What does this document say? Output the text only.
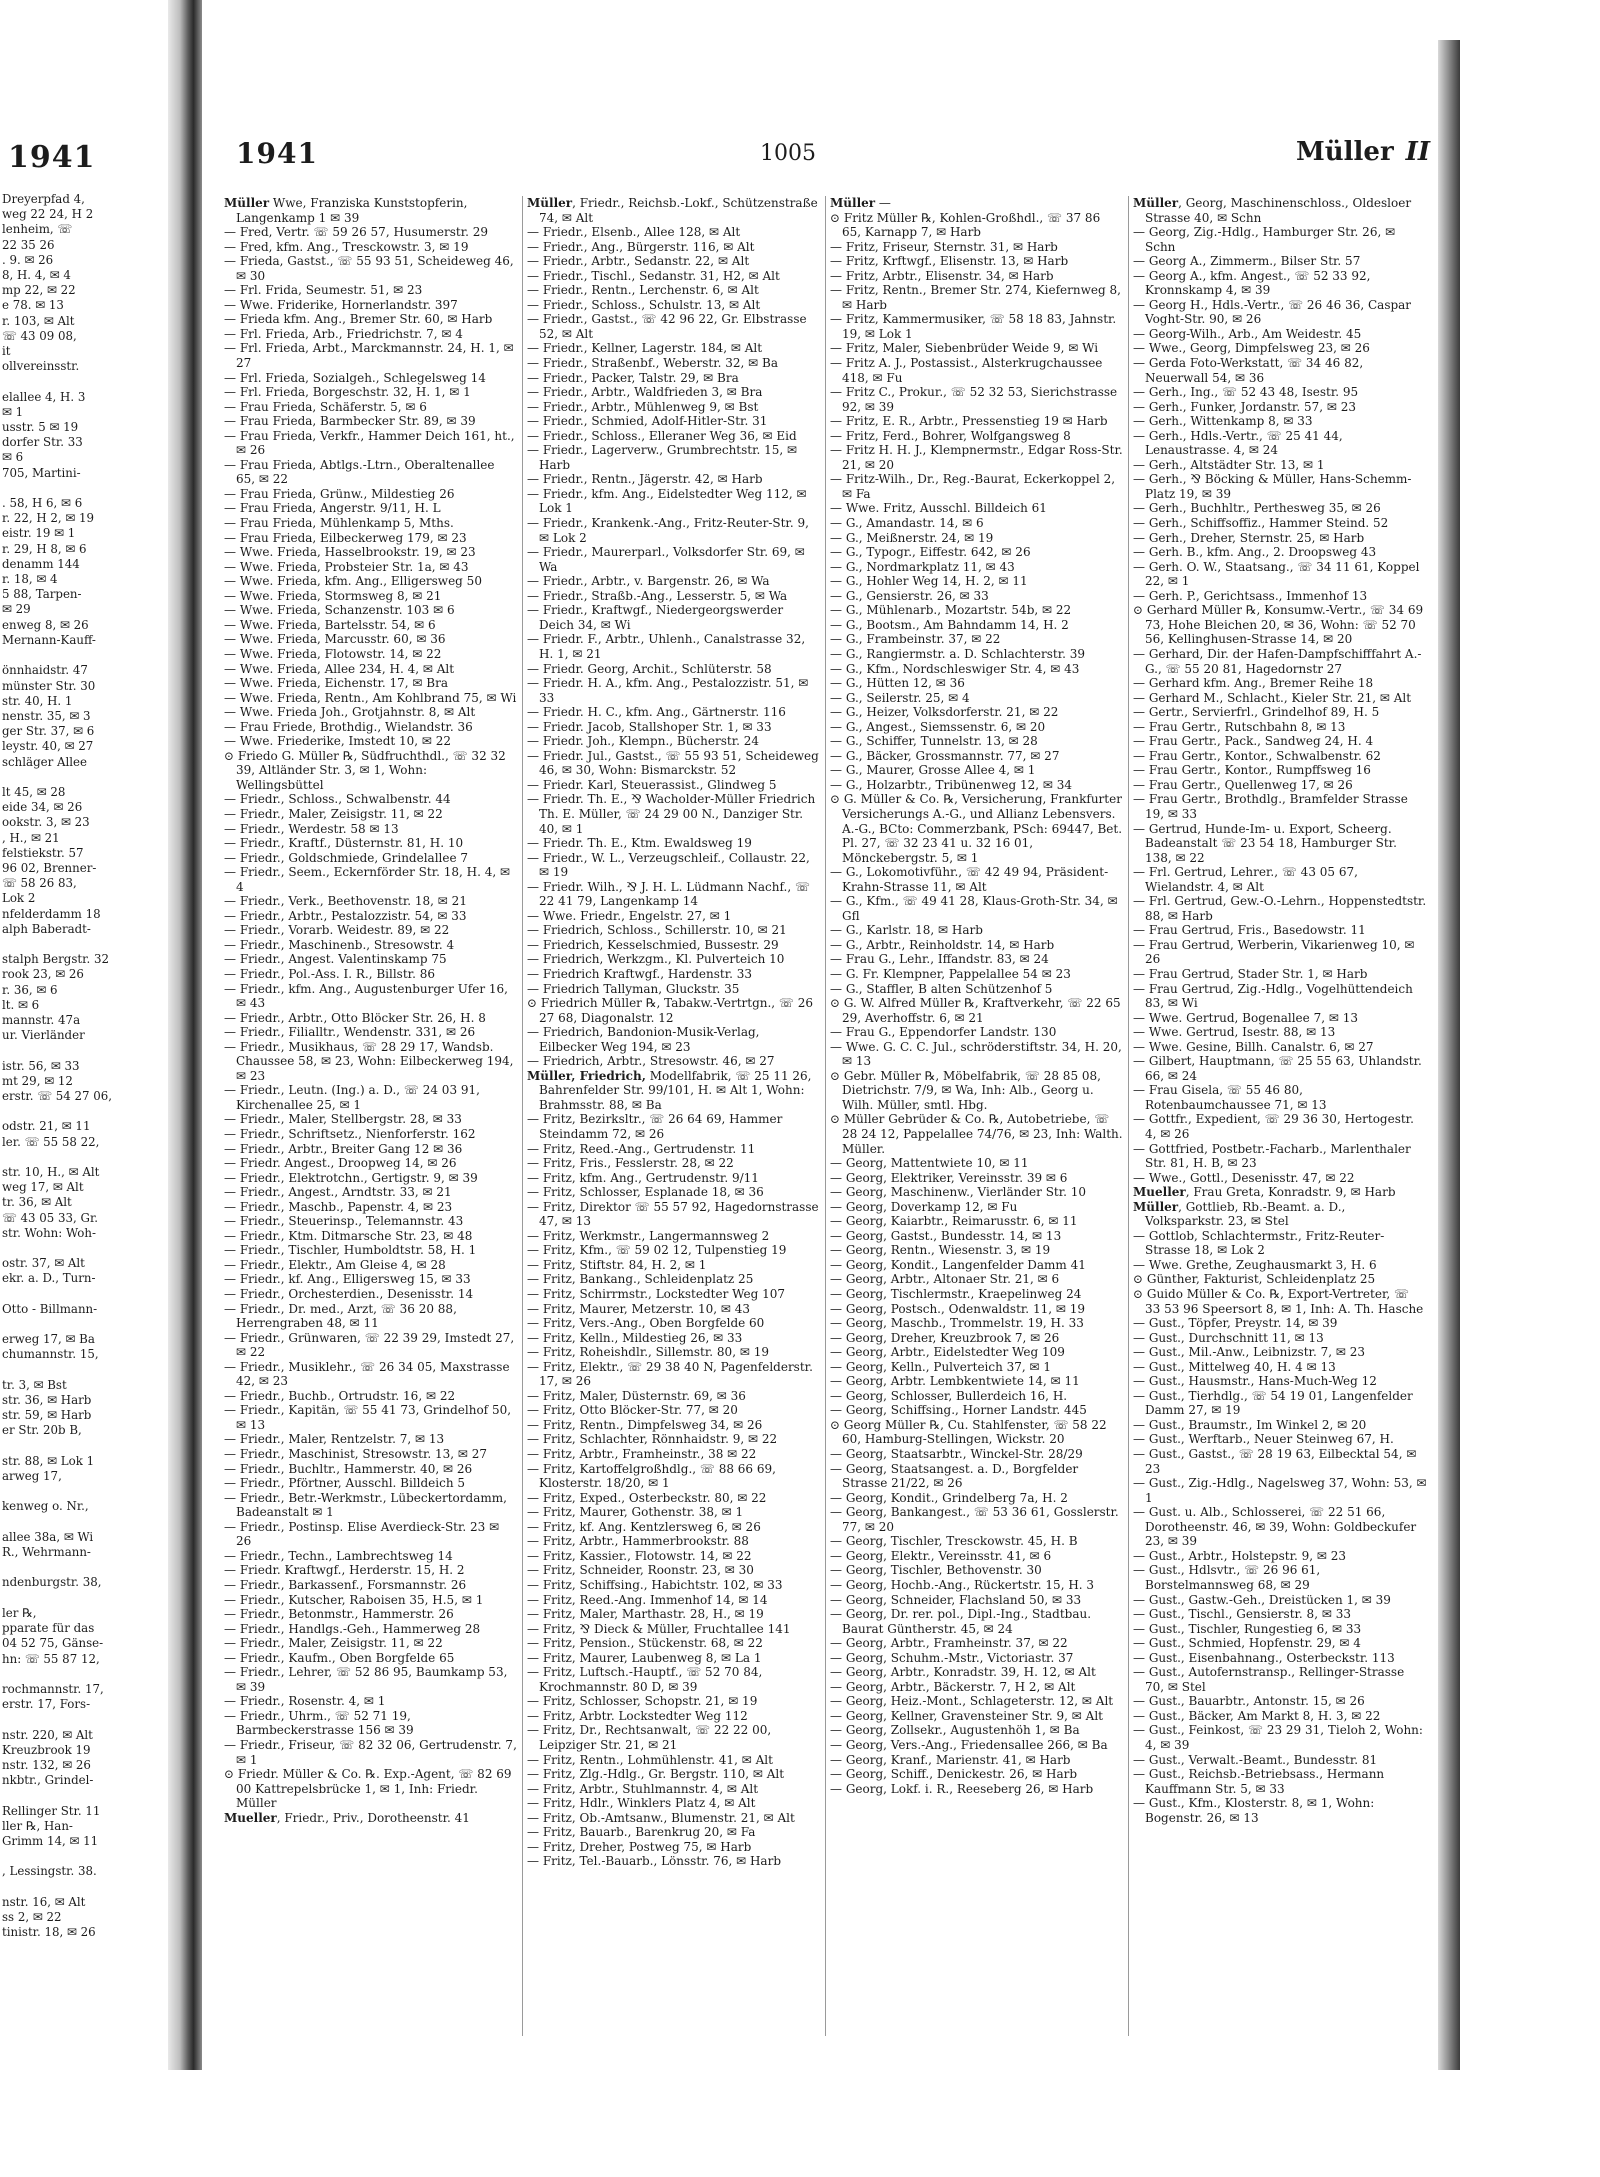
1941
Dreyerpfad 4,
weg 22 24, H 2
lenheim, ☏
22 35 26
. 9. ✉ 26
8, H. 4, ✉ 4
mp 22, ✉ 22
e 78. ✉ 13
r. 103, ✉ Alt
☏ 43 09 08,
it
ollvereinsstr.

elallee 4, H. 3
✉ 1
usstr. 5 ✉ 19
dorfer Str. 33
✉ 6
705, Martini-

. 58, H 6, ✉ 6
r. 22, H 2, ✉ 19
eistr. 19 ✉ 1
r. 29, H 8, ✉ 6
denamm 144
r. 18, ✉ 4
5 88, Tarpen-
✉ 29
enweg 8, ✉ 26
Mernann-Kauff-

önnhaidstr. 47
münster Str. 30
str. 40, H. 1
nenstr. 35, ✉ 3
ger Str. 37, ✉ 6
leystr. 40, ✉ 27
schläger Allee

lt 45, ✉ 28
eide 34, ✉ 26
ookstr. 3, ✉ 23
, H., ✉ 21
felstiekstr. 57
96 02, Brenner-
☏ 58 26 83,
Lok 2
nfelderdamm 18
alph Baberadt-

stalph Bergstr. 32
rook 23, ✉ 26
r. 36, ✉ 6
lt. ✉ 6
mannstr. 47a
ur. Vierländer

istr. 56, ✉ 33
mt 29, ✉ 12
erstr. ☏ 54 27 06,

odstr. 21, ✉ 11
ler. ☏ 55 58 22,

str. 10, H., ✉ Alt
weg 17, ✉ Alt
tr. 36, ✉ Alt
☏ 43 05 33, Gr.
str. Wohn: Woh-

ostr. 37, ✉ Alt
ekr. a. D., Turn-

Otto - Billmann-

erweg 17, ✉ Ba
chumannstr. 15,

tr. 3, ✉ Bst
str. 36, ✉ Harb
str. 59, ✉ Harb
er Str. 20b B,

str. 88, ✉ Lok 1
arweg 17,

kenweg o. Nr.,

allee 38a, ✉ Wi
R., Wehrmann-

ndenburgstr. 38,

ler ℞,
pparate für das
04 52 75, Gänse-
hn: ☏ 55 87 12,

rochmannstr. 17,
erstr. 17, Fors-

nstr. 220, ✉ Alt
Kreuzbrook 19
nstr. 132, ✉ 26
nkbtr., Grindel-

Rellinger Str. 11
ller ℞, Han-
Grimm 14, ✉ 11

, Lessingstr. 38.

nstr. 16, ✉ Alt
ss 2, ✉ 22
tinistr. 18, ✉ 26
1941	1005	Müller II

Müller Wwe, Franziska Kunststopferin, Langenkamp 1 ✉ 39

— Fred, Vertr. ☏ 59 26 57, Husumerstr. 29

— Fred, kfm. Ang., Tresckowstr. 3, ✉ 19

— Frieda, Gastst., ☏ 55 93 51, Scheideweg 46, ✉ 30

— Frl. Frida, Seumestr. 51, ✉ 23

— Wwe. Friderike, Hornerlandstr. 397

— Frieda kfm. Ang., Bremer Str. 60, ✉ Harb

— Frl. Frieda, Arb., Friedrichstr. 7, ✉ 4

— Frl. Frieda, Arbt., Marckmannstr. 24, H. 1, ✉ 27

— Frl. Frieda, Sozialgeh., Schlegelsweg 14

— Frl. Frieda, Borgeschstr. 32, H. 1, ✉ 1

— Frau Frieda, Schäferstr. 5, ✉ 6

— Frau Frieda, Barmbecker Str. 89, ✉ 39

— Frau Frieda, Verkfr., Hammer Deich 161, ht., ✉ 26

— Frau Frieda, Abtlgs.-Ltrn., Oberaltenallee 65, ✉ 22

— Frau Frieda, Grünw., Mildestieg 26

— Frau Frieda, Angerstr. 9/11, H. L

— Frau Frieda, Mühlenkamp 5, Mths.

— Frau Frieda, Eilbeckerweg 179, ✉ 23

— Wwe. Frieda, Hasselbrookstr. 19, ✉ 23

— Wwe. Frieda, Probsteier Str. 1a, ✉ 43

— Wwe. Frieda, kfm. Ang., Elligersweg 50

— Wwe. Frieda, Stormsweg 8, ✉ 21

— Wwe. Frieda, Schanzenstr. 103 ✉ 6

— Wwe. Frieda, Bartelsstr. 54, ✉ 6

— Wwe. Frieda, Marcusstr. 60, ✉ 36

— Wwe. Frieda, Flotowstr. 14, ✉ 22

— Wwe. Frieda, Allee 234, H. 4, ✉ Alt

— Wwe. Frieda, Eichenstr. 17, ✉ Bra

— Wwe. Frieda, Rentn., Am Kohlbrand 75, ✉ Wi

— Wwe. Frieda Joh., Grotjahnstr. 8, ✉ Alt

— Frau Friede, Brothdig., Wielandstr. 36

— Wwe. Friederike, Imstedt 10, ✉ 22

⊙ Friedo G. Müller ℞, Südfruchthdl., ☏ 32 32 39, Altländer Str. 3, ✉ 1, Wohn: Wellingsbüttel

— Friedr., Schloss., Schwalbenstr. 44

— Friedr., Maler, Zeisigstr. 11, ✉ 22

— Friedr., Werdestr. 58 ✉ 13

— Friedr., Kraftf., Düsternstr. 81, H. 10

— Friedr., Goldschmiede, Grindelallee 7

— Friedr., Seem., Eckernförder Str. 18, H. 4, ✉ 4

— Friedr., Verk., Beethovenstr. 18, ✉ 21

— Friedr., Arbtr., Pestalozzistr. 54, ✉ 33

— Friedr., Vorarb. Weidestr. 89, ✉ 22

— Friedr., Maschinenb., Stresowstr. 4

— Friedr., Angest. Valentinskamp 75

— Friedr., Pol.-Ass. I. R., Billstr. 86

— Friedr., kfm. Ang., Augustenburger Ufer 16, ✉ 43

— Friedr., Arbtr., Otto Blöcker Str. 26, H. 8

— Friedr., Filialltr., Wendenstr. 331, ✉ 26

— Friedr., Musikhaus, ☏ 28 29 17, Wandsb. Chaussee 58, ✉ 23, Wohn: Eilbeckerweg 194, ✉ 23

— Friedr., Leutn. (Ing.) a. D., ☏ 24 03 91, Kirchenallee 25, ✉ 1

— Friedr., Maler, Stellbergstr. 28, ✉ 33

— Friedr., Schriftsetz., Nienforferstr. 162

— Friedr., Arbtr., Breiter Gang 12 ✉ 36

— Friedr. Angest., Droopweg 14, ✉ 26

— Friedr., Elektrotchn., Gertigstr. 9, ✉ 39

— Friedr., Angest., Arndtstr. 33, ✉ 21

— Friedr., Maschb., Papenstr. 4, ✉ 23

— Friedr., Steuerinsp., Telemannstr. 43

— Friedr., Ktm. Ditmarsche Str. 23, ✉ 48

— Friedr., Tischler, Humboldtstr. 58, H. 1

— Friedr., Elektr., Am Gleise 4, ✉ 28

— Friedr., kf. Ang., Elligersweg 15, ✉ 33

— Friedr., Orchesterdien., Desenisstr. 14

— Friedr., Dr. med., Arzt, ☏ 36 20 88, Herrengraben 48, ✉ 11

— Friedr., Grünwaren, ☏ 22 39 29, Imstedt 27, ✉ 22

— Friedr., Musiklehr., ☏ 26 34 05, Maxstrasse 42, ✉ 23

— Friedr., Buchb., Ortrudstr. 16, ✉ 22

— Friedr., Kapitän, ☏ 55 41 73, Grindelhof 50, ✉ 13

— Friedr., Maler, Rentzelstr. 7, ✉ 13

— Friedr., Maschinist, Stresowstr. 13, ✉ 27

— Friedr., Buchltr., Hammerstr. 40, ✉ 26

— Friedr., Pförtner, Ausschl. Billdeich 5

— Friedr., Betr.-Werkmstr., Lübeckertordamm, Badeanstalt ✉ 1

— Friedr., Postinsp. Elise Averdieck-Str. 23 ✉ 26

— Friedr., Techn., Lambrechtsweg 14

— Friedr. Kraftwgf., Herderstr. 15, H. 2

— Friedr., Barkassenf., Forsmannstr. 26

— Friedr., Kutscher, Raboisen 35, H.5, ✉ 1

— Friedr., Betonmstr., Hammerstr. 26

— Friedr., Handlgs.-Geh., Hammerweg 28

— Friedr., Maler, Zeisigstr. 11, ✉ 22

— Friedr., Kaufm., Oben Borgfelde 65

— Friedr., Lehrer, ☏ 52 86 95, Baumkamp 53, ✉ 39

— Friedr., Rosenstr. 4, ✉ 1

— Friedr., Uhrm., ☏ 52 71 19, Barmbeckerstrasse 156 ✉ 39

— Friedr., Friseur, ☏ 82 32 06, Gertrudenstr. 7, ✉ 1

⊙ Friedr. Müller & Co. ℞. Exp.-Agent, ☏ 82 69 00 Kattrepelsbrücke 1, ✉ 1, Inh: Friedr. Müller

Mueller, Friedr., Priv., Dorotheenstr. 41

Müller, Friedr., Reichsb.-Lokf., Schützenstraße 74, ✉ Alt

— Friedr., Elsenb., Allee 128, ✉ Alt

— Friedr., Ang., Bürgerstr. 116, ✉ Alt

— Friedr., Arbtr., Sedanstr. 22, ✉ Alt

— Friedr., Tischl., Sedanstr. 31, H2, ✉ Alt

— Friedr., Rentn., Lerchenstr. 6, ✉ Alt

— Friedr., Schloss., Schulstr. 13, ✉ Alt

— Friedr., Gastst., ☏ 42 96 22, Gr. Elbstrasse 52, ✉ Alt

— Friedr., Kellner, Lagerstr. 184, ✉ Alt

— Friedr., Straßenbf., Weberstr. 32, ✉ Ba

— Friedr., Packer, Talstr. 29, ✉ Bra

— Friedr., Arbtr., Waldfrieden 3, ✉ Bra

— Friedr., Arbtr., Mühlenweg 9, ✉ Bst

— Friedr., Schmied, Adolf-Hitler-Str. 31

— Friedr., Schloss., Elleraner Weg 36, ✉ Eid

— Friedr., Lagerverw., Grumbrechtstr. 15, ✉ Harb

— Friedr., Rentn., Jägerstr. 42, ✉ Harb

— Friedr., kfm. Ang., Eidelstedter Weg 112, ✉ Lok 1

— Friedr., Krankenk.-Ang., Fritz-Reuter-Str. 9, ✉ Lok 2

— Friedr., Maurerparl., Volksdorfer Str. 69, ✉ Wa

— Friedr., Arbtr., v. Bargenstr. 26, ✉ Wa

— Friedr., Straßb.-Ang., Lesserstr. 5, ✉ Wa

— Friedr., Kraftwgf., Niedergeorgswerder Deich 34, ✉ Wi

— Friedr. F., Arbtr., Uhlenh., Canalstrasse 32, H. 1, ✉ 21

— Friedr. Georg, Archit., Schlüterstr. 58

— Friedr. H. A., kfm. Ang., Pestalozzistr. 51, ✉ 33

— Friedr. H. C., kfm. Ang., Gärtnerstr. 116

— Friedr. Jacob, Stallshoper Str. 1, ✉ 33

— Friedr. Joh., Klempn., Bücherstr. 24

— Friedr. Jul., Gastst., ☏ 55 93 51, Scheideweg 46, ✉ 30, Wohn: Bismarckstr. 52

— Friedr. Karl, Steuerassist., Glindweg 5

— Friedr. Th. E., ⅋ Wacholder-Müller Friedrich Th. E. Müller, ☏ 24 29 00 N., Danziger Str. 40, ✉ 1

— Friedr. Th. E., Ktm. Ewaldsweg 19

— Friedr., W. L., Verzeugschleif., Collaustr. 22, ✉ 19

— Friedr. Wilh., ⅋ J. H. L. Lüdmann Nachf., ☏ 22 41 79, Langenkamp 14

— Wwe. Friedr., Engelstr. 27, ✉ 1

— Friedrich, Schloss., Schillerstr. 10, ✉ 21

— Friedrich, Kesselschmied, Bussestr. 29

— Friedrich, Werkzgm., Kl. Pulverteich 10

— Friedrich Kraftwgf., Hardenstr. 33

— Friedrich Tallyman, Gluckstr. 35

⊙ Friedrich Müller ℞, Tabakw.-Vertrtgn., ☏ 26 27 68, Diagonalstr. 12

— Friedrich, Bandonion-Musik-Verlag, Eilbecker Weg 194, ✉ 23

— Friedrich, Arbtr., Stresowstr. 46, ✉ 27

Müller, Friedrich, Modellfabrik, ☏ 25 11 26, Bahrenfelder Str. 99/101, H. ✉ Alt 1, Wohn: Brahmsstr. 88, ✉ Ba

— Fritz, Bezirksltr., ☏ 26 64 69, Hammer Steindamm 72, ✉ 26

— Fritz, Reed.-Ang., Gertrudenstr. 11

— Fritz, Fris., Fesslerstr. 28, ✉ 22

— Fritz, kfm. Ang., Gertrudenstr. 9/11

— Fritz, Schlosser, Esplanade 18, ✉ 36

— Fritz, Direktor ☏ 55 57 92, Hagedornstrasse 47, ✉ 13

— Fritz, Werkmstr., Langermannsweg 2

— Fritz, Kfm., ☏ 59 02 12, Tulpenstieg 19

— Fritz, Stiftstr. 84, H. 2, ✉ 1

— Fritz, Bankang., Schleidenplatz 25

— Fritz, Schirrmstr., Lockstedter Weg 107

— Fritz, Maurer, Metzerstr. 10, ✉ 43

— Fritz, Vers.-Ang., Oben Borgfelde 60

— Fritz, Kelln., Mildestieg 26, ✉ 33

— Fritz, Roheishdlr., Sillemstr. 80, ✉ 19

— Fritz, Elektr., ☏ 29 38 40 N, Pagenfelderstr. 17, ✉ 26

— Fritz, Maler, Düsternstr. 69, ✉ 36

— Fritz, Otto Blöcker-Str. 77, ✉ 20

— Fritz, Rentn., Dimpfelsweg 34, ✉ 26

— Fritz, Schlachter, Rönnhaidstr. 9, ✉ 22

— Fritz, Arbtr., Framheinstr., 38 ✉ 22

— Fritz, Kartoffelgroßhdlg., ☏ 88 66 69, Klosterstr. 18/20, ✉ 1

— Fritz, Exped., Osterbeckstr. 80, ✉ 22

— Fritz, Maurer, Gothenstr. 38, ✉ 1

— Fritz, kf. Ang. Kentzlersweg 6, ✉ 26

— Fritz, Arbtr., Hammerbrookstr. 88

— Fritz, Kassier., Flotowstr. 14, ✉ 22

— Fritz, Schneider, Roonstr. 23, ✉ 30

— Fritz, Schiffsing., Habichtstr. 102, ✉ 33

— Fritz, Reed.-Ang. Immenhof 14, ✉ 14

— Fritz, Maler, Marthastr. 28, H., ✉ 19

— Fritz, ⅋ Dieck & Müller, Fruchtallee 141

— Fritz, Pension., Stückenstr. 68, ✉ 22

— Fritz, Maurer, Laubenweg 8, ✉ La 1

— Fritz, Luftsch.-Hauptf., ☏ 52 70 84, Krochmannstr. 80 D, ✉ 39

— Fritz, Schlosser, Schopstr. 21, ✉ 19

— Fritz, Arbtr. Lockstedter Weg 112

— Fritz, Dr., Rechtsanwalt, ☏ 22 22 00, Leipziger Str. 21, ✉ 21

— Fritz, Rentn., Lohmühlenstr. 41, ✉ Alt

— Fritz, Zlg.-Hdlg., Gr. Bergstr. 110, ✉ Alt

— Fritz, Arbtr., Stuhlmannstr. 4, ✉ Alt

— Fritz, Hdlr., Winklers Platz 4, ✉ Alt

— Fritz, Ob.-Amtsanw., Blumenstr. 21, ✉ Alt

— Fritz, Bauarb., Barenkrug 20, ✉ Fa

— Fritz, Dreher, Postweg 75, ✉ Harb

— Fritz, Tel.-Bauarb., Lönsstr. 76, ✉ Harb

Müller —

⊙ Fritz Müller ℞, Kohlen-Großhdl., ☏ 37 86 65, Karnapp 7, ✉ Harb

— Fritz, Friseur, Sternstr. 31, ✉ Harb

— Fritz, Krftwgf., Elisenstr. 13, ✉ Harb

— Fritz, Arbtr., Elisenstr. 34, ✉ Harb

— Fritz, Rentn., Bremer Str. 274, Kiefernweg 8, ✉ Harb

— Fritz, Kammermusiker, ☏ 58 18 83, Jahnstr. 19, ✉ Lok 1

— Fritz, Maler, Siebenbrüder Weide 9, ✉ Wi

— Fritz A. J., Postassist., Alsterkrugchaussee 418, ✉ Fu

— Fritz C., Prokur., ☏ 52 32 53, Sierichstrasse 92, ✉ 39

— Fritz, E. R., Arbtr., Pressenstieg 19 ✉ Harb

— Fritz, Ferd., Bohrer, Wolfgangsweg 8

— Fritz H. H. J., Klempnermstr., Edgar Ross-Str. 21, ✉ 20

— Fritz-Wilh., Dr., Reg.-Baurat, Eckerkoppel 2, ✉ Fa

— Wwe. Fritz, Ausschl. Billdeich 61

— G., Amandastr. 14, ✉ 6

— G., Meißnerstr. 24, ✉ 19

— G., Typogr., Eiffestr. 642, ✉ 26

— G., Nordmarkplatz 11, ✉ 43

— G., Hohler Weg 14, H. 2, ✉ 11

— G., Gensierstr. 26, ✉ 33

— G., Mühlenarb., Mozartstr. 54b, ✉ 22

— G., Bootsm., Am Bahndamm 14, H. 2

— G., Frambeinstr. 37, ✉ 22

— G., Rangiermstr. a. D. Schlachterstr. 39

— G., Kfm., Nordschleswiger Str. 4, ✉ 43

— G., Hütten 12, ✉ 36

— G., Seilerstr. 25, ✉ 4

— G., Heizer, Volksdorferstr. 21, ✉ 22

— G., Angest., Siemssenstr. 6, ✉ 20

— G., Schiffer, Tunnelstr. 13, ✉ 28

— G., Bäcker, Grossmannstr. 77, ✉ 27

— G., Maurer, Grosse Allee 4, ✉ 1

— G., Holzarbtr., Tribünenweg 12, ✉ 34

⊙ G. Müller & Co. ℞, Versicherung, Frankfurter Versicherungs A.-G., und Allianz Lebensvers. A.-G., BCto: Commerzbank, PSch: 69447, Bet. Pl. 27, ☏ 32 23 41 u. 32 16 01, Mönckebergstr. 5, ✉ 1

— G., Lokomotivführ., ☏ 42 49 94, Präsident-Krahn-Strasse 11, ✉ Alt

— G., Kfm., ☏ 49 41 28, Klaus-Groth-Str. 34, ✉ Gfl

— G., Karlstr. 18, ✉ Harb

— G., Arbtr., Reinholdstr. 14, ✉ Harb

— Frau G., Lehr., Iffandstr. 83, ✉ 24

— G. Fr. Klempner, Pappelallee 54 ✉ 23

— G., Staffler, B alten Schützenhof 5

⊙ G. W. Alfred Müller ℞, Kraftverkehr, ☏ 22 65 29, Averhoffstr. 6, ✉ 21

— Frau G., Eppendorfer Landstr. 130

— Wwe. G. C. C. Jul., schröderstiftstr. 34, H. 20, ✉ 13

⊙ Gebr. Müller ℞, Möbelfabrik, ☏ 28 85 08, Dietrichstr. 7/9, ✉ Wa, Inh: Alb., Georg u. Wilh. Müller, smtl. Hbg.

⊙ Müller Gebrüder & Co. ℞, Autobetriebe, ☏ 28 24 12, Pappelallee 74/76, ✉ 23, Inh: Walth. Müller.

— Georg, Mattentwiete 10, ✉ 11

— Georg, Elektriker, Vereinsstr. 39 ✉ 6

— Georg, Maschinenw., Vierländer Str. 10

— Georg, Doverkamp 12, ✉ Fu

— Georg, Kaiarbtr., Reimarusstr. 6, ✉ 11

— Georg, Gastst., Bundesstr. 14, ✉ 13

— Georg, Rentn., Wiesenstr. 3, ✉ 19

— Georg, Kondit., Langenfelder Damm 41

— Georg, Arbtr., Altonaer Str. 21, ✉ 6

— Georg, Tischlermstr., Kraepelinweg 24

— Georg, Postsch., Odenwaldstr. 11, ✉ 19

— Georg, Maschb., Trommelstr. 19, H. 33

— Georg, Dreher, Kreuzbrook 7, ✉ 26

— Georg, Arbtr., Eidelstedter Weg 109

— Georg, Kelln., Pulverteich 37, ✉ 1

— Georg, Arbtr. Lembkentwiete 14, ✉ 11

— Georg, Schlosser, Bullerdeich 16, H.

— Georg, Schiffsing., Horner Landstr. 445

⊙ Georg Müller ℞, Cu. Stahlfenster, ☏ 58 22 60, Hamburg-Stellingen, Wickstr. 20

— Georg, Staatsarbtr., Winckel-Str. 28/29

— Georg, Staatsangest. a. D., Borgfelder Strasse 21/22, ✉ 26

— Georg, Kondit., Grindelberg 7a, H. 2

— Georg, Bankangest., ☏ 53 36 61, Gosslerstr. 77, ✉ 20

— Georg, Tischler, Tresckowstr. 45, H. B

— Georg, Elektr., Vereinsstr. 41, ✉ 6

— Georg, Tischler, Bethovenstr. 30

— Georg, Hochb.-Ang., Rückertstr. 15, H. 3

— Georg, Schneider, Flachsland 50, ✉ 33

— Georg, Dr. rer. pol., Dipl.-Ing., Stadtbau. Baurat Güntherstr. 45, ✉ 24

— Georg, Arbtr., Framheinstr. 37, ✉ 22

— Georg, Schuhm.-Mstr., Victoriastr. 37

— Georg, Arbtr., Konradstr. 39, H. 12, ✉ Alt

— Georg, Arbtr., Bäckerstr. 7, H 2, ✉ Alt

— Georg, Heiz.-Mont., Schlageterstr. 12, ✉ Alt

— Georg, Kellner, Gravensteiner Str. 9, ✉ Alt

— Georg, Zollsekr., Augustenhöh 1, ✉ Ba

— Georg, Vers.-Ang., Friedensallee 266, ✉ Ba

— Georg, Kranf., Marienstr. 41, ✉ Harb

— Georg, Schiff., Denickestr. 26, ✉ Harb

— Georg, Lokf. i. R., Reeseberg 26, ✉ Harb

Müller, Georg, Maschinenschloss., Oldesloer Strasse 40, ✉ Schn

— Georg, Zig.-Hdlg., Hamburger Str. 26, ✉ Schn

— Georg A., Zimmerm., Bilser Str. 57

— Georg A., kfm. Angest., ☏ 52 33 92, Kronnskamp 4, ✉ 39

— Georg H., Hdls.-Vertr., ☏ 26 46 36, Caspar Voght-Str. 90, ✉ 26

— Georg-Wilh., Arb., Am Weidestr. 45

— Wwe., Georg, Dimpfelsweg 23, ✉ 26

— Gerda Foto-Werkstatt, ☏ 34 46 82, Neuerwall 54, ✉ 36

— Gerh., Ing., ☏ 52 43 48, Isestr. 95

— Gerh., Funker, Jordanstr. 57, ✉ 23

— Gerh., Wittenkamp 8, ✉ 33

— Gerh., Hdls.-Vertr., ☏ 25 41 44, Lenaustrasse. 4, ✉ 24

— Gerh., Altstädter Str. 13, ✉ 1

— Gerh., ⅋ Böcking & Müller, Hans-Schemm-Platz 19, ✉ 39

— Gerh., Buchhltr., Perthesweg 35, ✉ 26

— Gerh., Schiffsoffiz., Hammer Steind. 52

— Gerh., Dreher, Sternstr. 25, ✉ Harb

— Gerh. B., kfm. Ang., 2. Droopsweg 43

— Gerh. O. W., Staatsang., ☏ 34 11 61, Koppel 22, ✉ 1

— Gerh. P., Gerichtsass., Immenhof 13

⊙ Gerhard Müller ℞, Konsumw.-Vertr., ☏ 34 69 73, Hohe Bleichen 20, ✉ 36, Wohn: ☏ 52 70 56, Kellinghusen-Strasse 14, ✉ 20

— Gerhard, Dir. der Hafen-Dampfschifffahrt A.-G., ☏ 55 20 81, Hagedornstr 27

— Gerhard kfm. Ang., Bremer Reihe 18

— Gerhard M., Schlacht., Kieler Str. 21, ✉ Alt

— Gertr., Servierfrl., Grindelhof 89, H. 5

— Frau Gertr., Rutschbahn 8, ✉ 13

— Frau Gertr., Pack., Sandweg 24, H. 4

— Frau Gertr., Kontor., Schwalbenstr. 62

— Frau Gertr., Kontor., Rumpffsweg 16

— Frau Gertr., Quellenweg 17, ✉ 26

— Frau Gertr., Brothdlg., Bramfelder Strasse 19, ✉ 33

— Gertrud, Hunde-Im- u. Export, Scheerg. Badeanstalt ☏ 23 54 18, Hamburger Str. 138, ✉ 22

— Frl. Gertrud, Lehrer., ☏ 43 05 67, Wielandstr. 4, ✉ Alt

— Frl. Gertrud, Gew.-O.-Lehrn., Hoppenstedtstr. 88, ✉ Harb

— Frau Gertrud, Fris., Basedowstr. 11

— Frau Gertrud, Werberin, Vikarienweg 10, ✉ 26

— Frau Gertrud, Stader Str. 1, ✉ Harb

— Frau Gertrud, Zig.-Hdlg., Vogelhüttendeich 83, ✉ Wi

— Wwe. Gertrud, Bogenallee 7, ✉ 13

— Wwe. Gertrud, Isestr. 88, ✉ 13

— Wwe. Gesine, Billh. Canalstr. 6, ✉ 27

— Gilbert, Hauptmann, ☏ 25 55 63, Uhlandstr. 66, ✉ 24

— Frau Gisela, ☏ 55 46 80, Rotenbaumchaussee 71, ✉ 13

— Gottfr., Expedient, ☏ 29 36 30, Hertogestr. 4, ✉ 26

— Gottfried, Postbetr.-Facharb., Marlenthaler Str. 81, H. B, ✉ 23

— Wwe., Gottl., Desenisstr. 47, ✉ 22

Mueller, Frau Greta, Konradstr. 9, ✉ Harb

Müller, Gottlieb, Rb.-Beamt. a. D., Volksparkstr. 23, ✉ Stel

— Gottlob, Schlachtermstr., Fritz-Reuter-Strasse 18, ✉ Lok 2

— Wwe. Grethe, Zeughausmarkt 3, H. 6

⊙ Günther, Fakturist, Schleidenplatz 25

⊙ Guido Müller & Co. ℞, Export-Vertreter, ☏ 33 53 96 Speersort 8, ✉ 1, Inh: A. Th. Hasche

— Gust., Töpfer, Preystr. 14, ✉ 39

— Gust., Durchschnitt 11, ✉ 13

— Gust., Mil.-Anw., Leibnizstr. 7, ✉ 23

— Gust., Mittelweg 40, H. 4 ✉ 13

— Gust., Hausmstr., Hans-Much-Weg 12

— Gust., Tierhdlg., ☏ 54 19 01, Langenfelder Damm 27, ✉ 19

— Gust., Braumstr., Im Winkel 2, ✉ 20

— Gust., Werftarb., Neuer Steinweg 67, H.

— Gust., Gastst., ☏ 28 19 63, Eilbecktal 54, ✉ 23

— Gust., Zig.-Hdlg., Nagelsweg 37, Wohn: 53, ✉ 1

— Gust. u. Alb., Schlosserei, ☏ 22 51 66, Dorotheenstr. 46, ✉ 39, Wohn: Goldbeckufer 23, ✉ 39

— Gust., Arbtr., Holstepstr. 9, ✉ 23

— Gust., Hdlsvtr., ☏ 26 96 61, Borstelmannsweg 68, ✉ 29

— Gust., Gastw.-Geh., Dreistücken 1, ✉ 39

— Gust., Tischl., Gensierstr. 8, ✉ 33

— Gust., Tischler, Rungestieg 6, ✉ 33

— Gust., Schmied, Hopfenstr. 29, ✉ 4

— Gust., Eisenbahnang., Osterbeckstr. 113

— Gust., Autofernstransp., Rellinger-Strasse 70, ✉ Stel

— Gust., Bauarbtr., Antonstr. 15, ✉ 26

— Gust., Bäcker, Am Markt 8, H. 3, ✉ 22

— Gust., Feinkost, ☏ 23 29 31, Tieloh 2, Wohn: 4, ✉ 39

— Gust., Verwalt.-Beamt., Bundesstr. 81

— Gust., Reichsb.-Betriebsass., Hermann Kauffmann Str. 5, ✉ 33

— Gust., Kfm., Klosterstr. 8, ✉ 1, Wohn: Bogenstr. 26, ✉ 13
